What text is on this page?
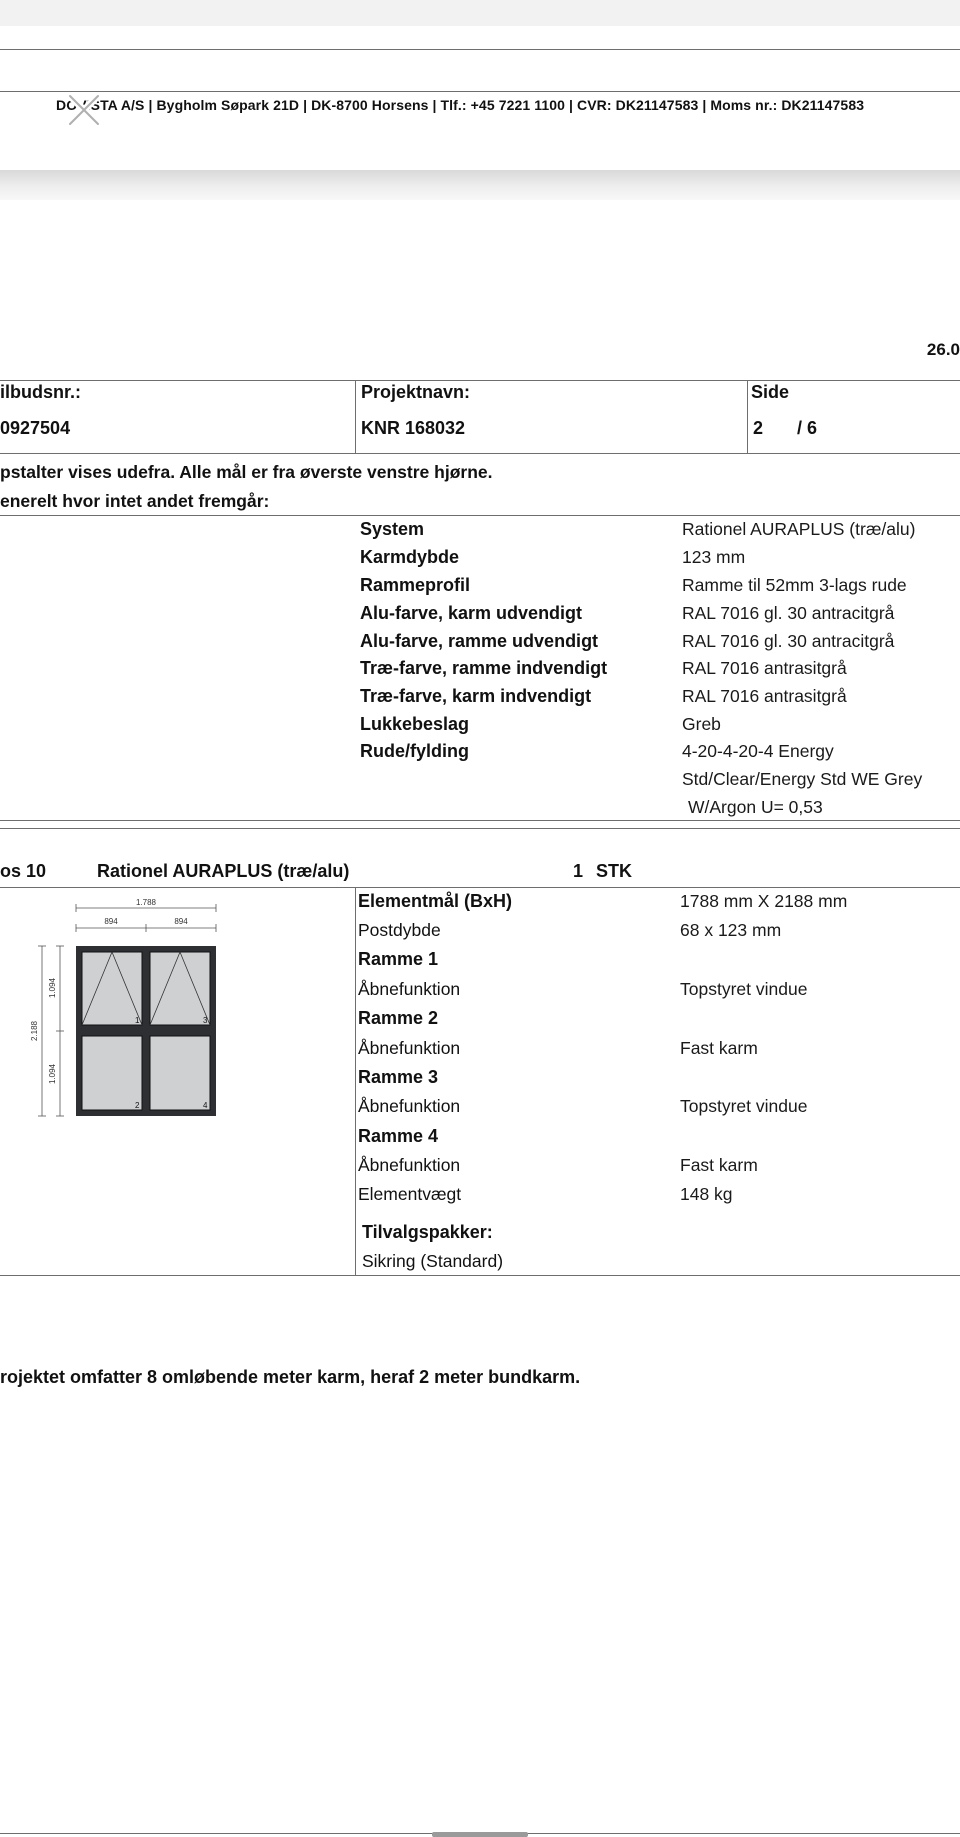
DOVISTA A/S | Bygholm Søpark 21D | DK-8700 Horsens | Tlf.: +45 7221 1100 | CVR: DK21147583 | Moms nr.: DK21147583
26.0
ilbudsnr.:
0927504
Projektnavn:
KNR 168032
Side
2 / 6
pstalter vises udefra. Alle mål er fra øverste venstre hjørne.
enerelt hvor intet andet fremgår:
System	Rationel AURAPLUS (træ/alu)
Karmdybde	123 mm
Rammeprofil	Ramme til 52mm 3-lags rude
Alu-farve, karm udvendigt	RAL 7016 gl. 30 antracitgrå
Alu-farve, ramme udvendigt	RAL 7016 gl. 30 antracitgrå
Træ-farve, ramme indvendigt	RAL 7016 antrasitgrå
Træ-farve, karm indvendigt	RAL 7016 antrasitgrå
Lukkebeslag	Greb
Rude/fylding	4-20-4-20-4 Energy
Std/Clear/Energy Std WE Grey
W/Argon U= 0,53
os 10	Rationel AURAPLUS (træ/alu)	1 STK
1.788
894	894
2.188
1.094
1.094
1
2
3
4
Elementmål (BxH)	1788 mm X 2188 mm
Postdybde	68 x 123 mm
Ramme 1
Åbnefunktion	Topstyret vindue
Ramme 2
Åbnefunktion	Fast karm
Ramme 3
Åbnefunktion	Topstyret vindue
Ramme 4
Åbnefunktion	Fast karm
Elementvægt	148 kg
Tilvalgspakker:
Sikring (Standard)
rojektet omfatter 8 omløbende meter karm, heraf 2 meter bundkarm.
